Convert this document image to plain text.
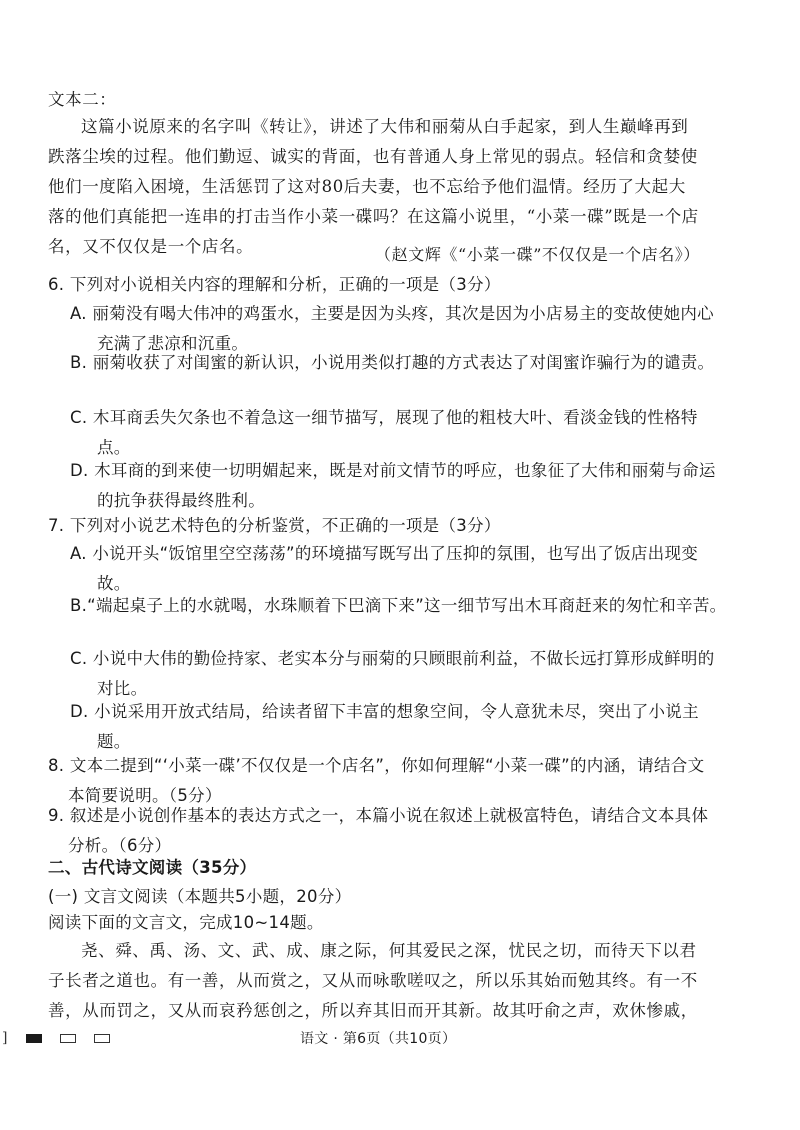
文本二：
这篇小说原来的名字叫《转让》，讲述了大伟和丽菊从白手起家，到人生巅峰再到跌落尘埃的过程。他们勤逗、诚实的背面，也有普通人身上常见的弱点。轻信和贪婪使他们一度陷入困境，生活惩罚了这对80后夫妻，也不忘给予他们温情。经历了大起大落的他们真能把一连串的打击当作小菜一碟吗？在这篇小说里，“小菜一碟”既是一个店名，又不仅仅是一个店名。	（赵文辉《“小菜一碟”不仅仅是一个店名》）
6. 下列对小说相关内容的理解和分析，正确的一项是（3分）
A. 丽菊没有喝大伟冲的鸡蛋水，主要是因为头疼，其次是因为小店易主的变故使她内心充满了悲凉和沉重。
B. 丽菊收获了对闺蜜的新认识，小说用类似打趣的方式表达了对闺蜜诈骗行为的谴责。
C. 木耳商丢失欠条也不着急这一细节描写，展现了他的粗枝大叶、看淡金钱的性格特点。
D. 木耳商的到来使一切明媚起来，既是对前文情节的呼应，也象征了大伟和丽菊与命运的抗争获得最终胜利。
7. 下列对小说艺术特色的分析鉴赏，不正确的一项是（3分）
A. 小说开头“饭馆里空空荡荡”的环境描写既写出了压抑的氛围，也写出了饭店出现变故。
B.“端起桌子上的水就喝，水珠顺着下巴滴下来”这一细节写出木耳商赶来的匆忙和辛苦。
C. 小说中大伟的勤俭持家、老实本分与丽菊的只顾眼前利益，不做长远打算形成鲜明的对比。
D. 小说采用开放式结局，给读者留下丰富的想象空间，令人意犹未尽，突出了小说主题。
8. 文本二提到“‘小菜一碟’不仅仅是一个店名”，你如何理解“小菜一碟”的内涵，请结合文本简要说明。（5分）
9. 叙述是小说创作基本的表达方式之一，本篇小说在叙述上就极富特色，请结合文本具体分析。（6分）
二、古代诗文阅读（35分）
(一) 文言文阅读（本题共5小题，20分）
阅读下面的文言文，完成10~14题。
尧、舜、禹、汤、文、武、成、康之际，何其爱民之深，忧民之切，而待天下以君子长者之道也。有一善，从而赏之，又从而咏歌嗟叹之，所以乐其始而勉其终。有一不善，从而罚之，又从而哀矜惩创之，所以弃其旧而开其新。故其吁俞之声，欢休惨戚，
]	语文 · 第6页（共10页）
